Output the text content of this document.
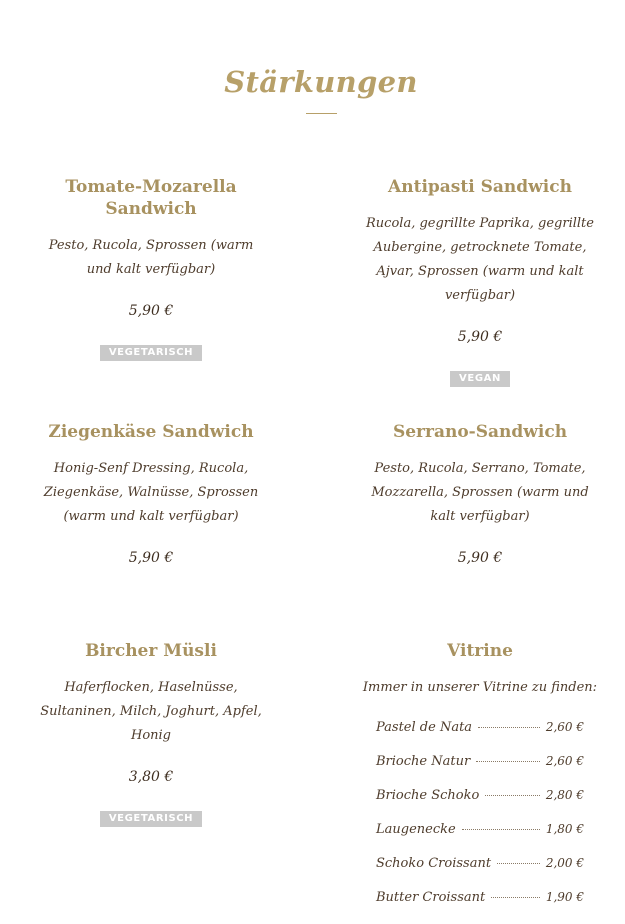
Stärkungen
Tomate-Mozarella Sandwich

Pesto, Rucola, Sprossen (warm und kalt verfügbar)

5,90 €

VEGETARISCH
Antipasti Sandwich

Rucola, gegrillte Paprika, gegrillte Aubergine, getrocknete Tomate, Ajvar, Sprossen (warm und kalt verfügbar)

5,90 €

VEGAN
Ziegenkäse Sandwich

Honig-Senf Dressing, Rucola, Ziegenkäse, Walnüsse, Sprossen (warm und kalt verfügbar)

5,90 €

Serrano-Sandwich

Pesto, Rucola, Serrano, Tomate, Mozzarella, Sprossen (warm und kalt verfügbar)

5,90 €

Bircher Müsli

Haferflocken, Haselnüsse, Sultaninen, Milch, Joghurt, Apfel, Honig

3,80 €

VEGETARISCH
Vitrine

Immer in unserer Vitrine zu finden:

Pastel de Nata	2,60 €
Brioche Natur	2,60 €
Brioche Schoko	2,80 €
Laugenecke	1,80 €
Schoko Croissant	2,00 €
Butter Croissant	1,90 €
